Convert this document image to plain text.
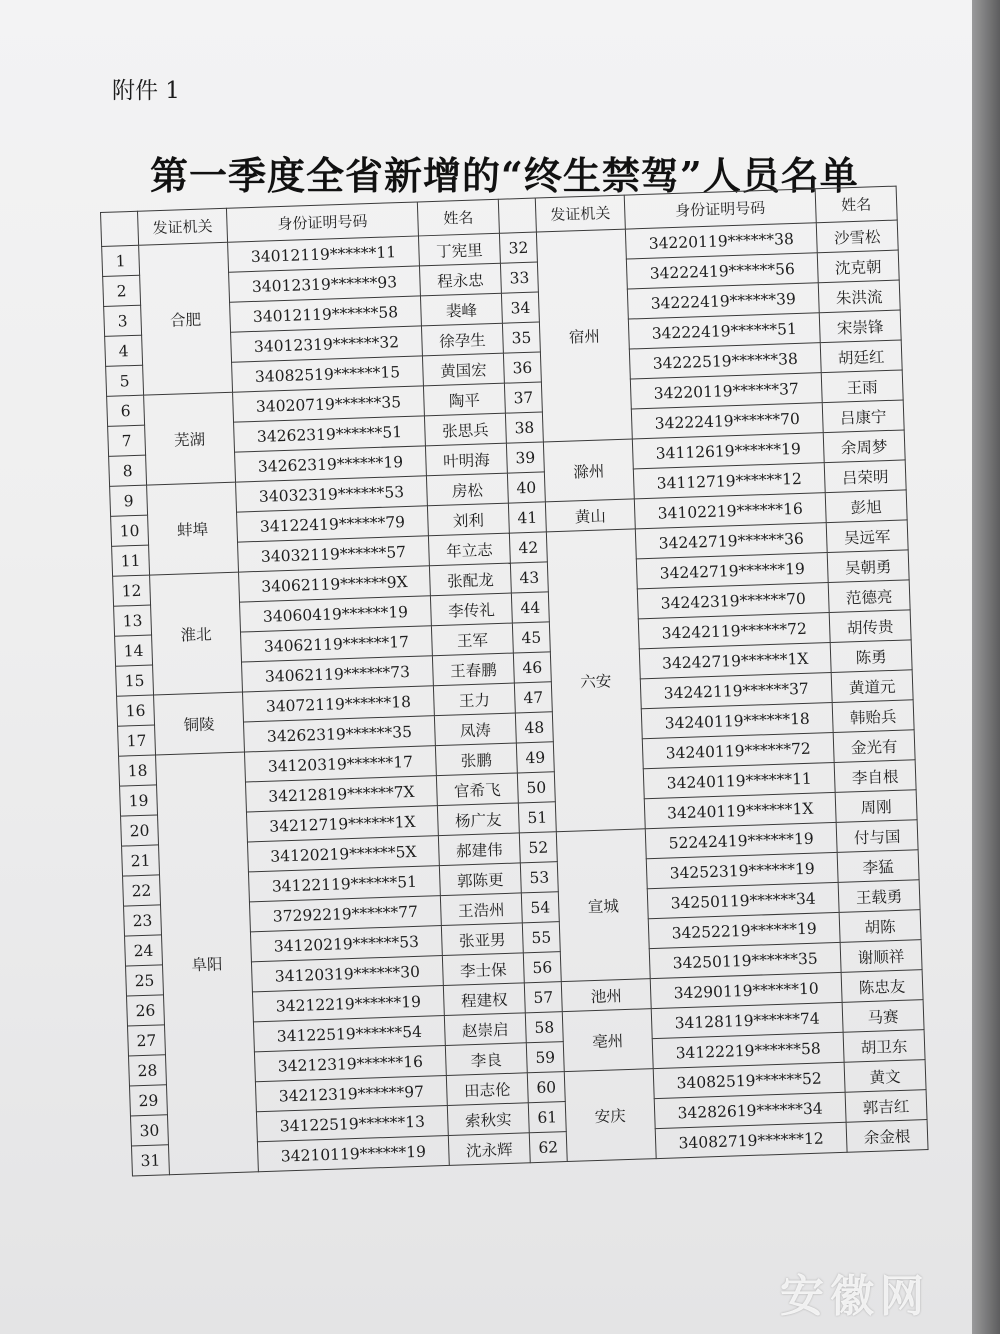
附件 1
第一季度全省新增的“终生禁驾”人员名单
	发证机关	身份证明号码	姓名		发证机关	身份证明号码	姓名
1	合肥	34012119******11	丁宪里	32	宿州	34220119******38	沙雪松
2		34012319******93	程永忠	33		34222419******56	沈克朝
3		34012119******58	裴峰	34		34222419******39	朱洪流
4		34012319******32	徐孕生	35		34222419******51	宋崇锋
5		34082519******15	黄国宏	36		34222519******38	胡廷红
6	芜湖	34020719******35	陶平	37		34220119******37	王雨
7		34262319******51	张思兵	38		34222419******70	吕康宁
8		34262319******19	叶明海	39	滁州	34112619******19	余周梦
9	蚌埠	34032319******53	房松	40		34112719******12	吕荣明
10		34122419******79	刘利	41	黄山	34102219******16	彭旭
11		34032119******57	年立志	42	六安	34242719******36	吴远军
12	淮北	34062119******9X	张配龙	43		34242719******19	吴朝勇
13		34060419******19	李传礼	44		34242319******70	范德亮
14		34062119******17	王军	45		34242119******72	胡传贵
15		34062119******73	王春鹏	46		34242719******1X	陈勇
16	铜陵	34072119******18	王力	47		34242119******37	黄道元
17		34262319******35	凤涛	48		34240119******18	韩贻兵
18	阜阳	34120319******17	张鹏	49		34240119******72	金光有
19		34212819******7X	官希飞	50		34240119******11	李自根
20		34212719******1X	杨广友	51		34240119******1X	周刚
21		34120219******5X	郝建伟	52	宣城	52242419******19	付与国
22		34122119******51	郭陈更	53		34252319******19	李猛
23		37292219******77	王浩州	54		34250119******34	王载勇
24		34120219******53	张亚男	55		34252219******19	胡陈
25		34120319******30	李士保	56		34250119******35	谢顺祥
26		34212219******19	程建权	57	池州	34290119******10	陈忠友
27		34122519******54	赵崇启	58	亳州	34128119******74	马赛
28		34212319******16	李良	59		34122219******58	胡卫东
29		34212319******97	田志伦	60	安庆	34082519******52	黄文
30		34122519******13	索秋实	61		34282619******34	郭吉红
31		34210119******19	沈永辉	62		34082719******12	余金根
安徽网
